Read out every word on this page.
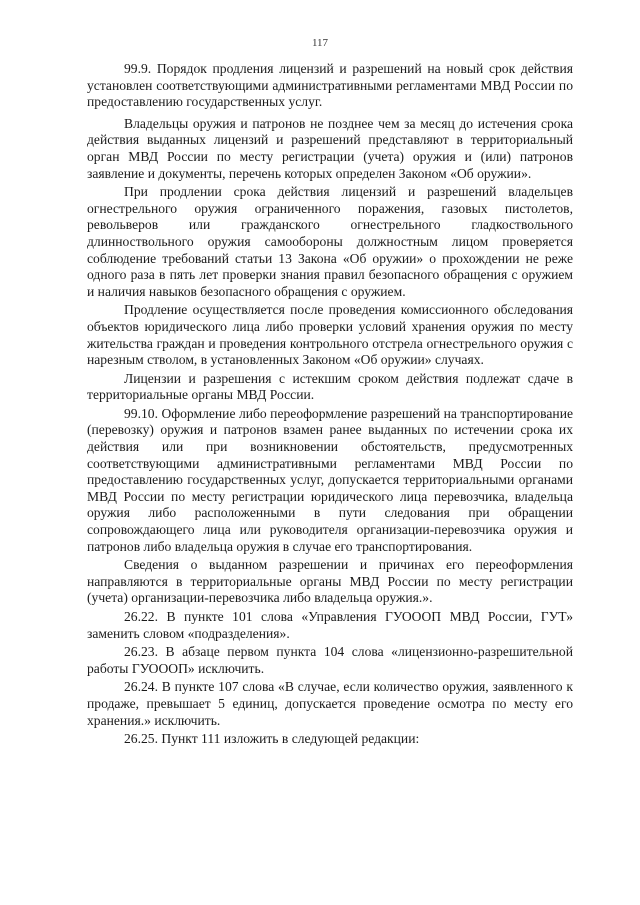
117

99.9. Порядок продления лицензий и разрешений на новый срок действия установлен соответствующими административными регламентами МВД России по предоставлению государственных услуг.

Владельцы оружия и патронов не позднее чем за месяц до истечения срока действия выданных лицензий и разрешений представляют в территориальный орган МВД России по месту регистрации (учета) оружия и (или) патронов заявление и документы, перечень которых определен Законом «Об оружии».

При продлении срока действия лицензий и разрешений владельцев огнестрельного оружия ограниченного поражения, газовых пистолетов, револьверов или гражданского огнестрельного гладкоствольного длинноствольного оружия самообороны должностным лицом проверяется соблюдение требований статьи 13 Закона «Об оружии» о прохождении не реже одного раза в пять лет проверки знания правил безопасного обращения с оружием и наличия навыков безопасного обращения с оружием.

Продление осуществляется после проведения комиссионного обследования объектов юридического лица либо проверки условий хранения оружия по месту жительства граждан и проведения контрольного отстрела огнестрельного оружия с нарезным стволом, в установленных Законом «Об оружии» случаях.

Лицензии и разрешения с истекшим сроком действия подлежат сдаче в территориальные органы МВД России.

99.10. Оформление либо переоформление разрешений на транспортирование (перевозку) оружия и патронов взамен ранее выданных по истечении срока их действия или при возникновении обстоятельств, предусмотренных соответствующими административными регламентами МВД России по предоставлению государственных услуг, допускается территориальными органами МВД России по месту регистрации юридического лица перевозчика, владельца оружия либо расположенными в пути следования при обращении сопровождающего лица или руководителя организации-перевозчика оружия и патронов либо владельца оружия в случае его транспортирования.

Сведения о выданном разрешении и причинах его переоформления направляются в территориальные органы МВД России по месту регистрации (учета) организации-перевозчика либо владельца оружия.».

26.22. В пункте 101 слова «Управления ГУОООП МВД России, ГУТ» заменить словом «подразделения».

26.23. В абзаце первом пункта 104 слова «лицензионно-разрешительной работы ГУОООП» исключить.

26.24. В пункте 107 слова «В случае, если количество оружия, заявленного к продаже, превышает 5 единиц, допускается проведение осмотра по месту его хранения.» исключить.

26.25. Пункт 111 изложить в следующей редакции:
